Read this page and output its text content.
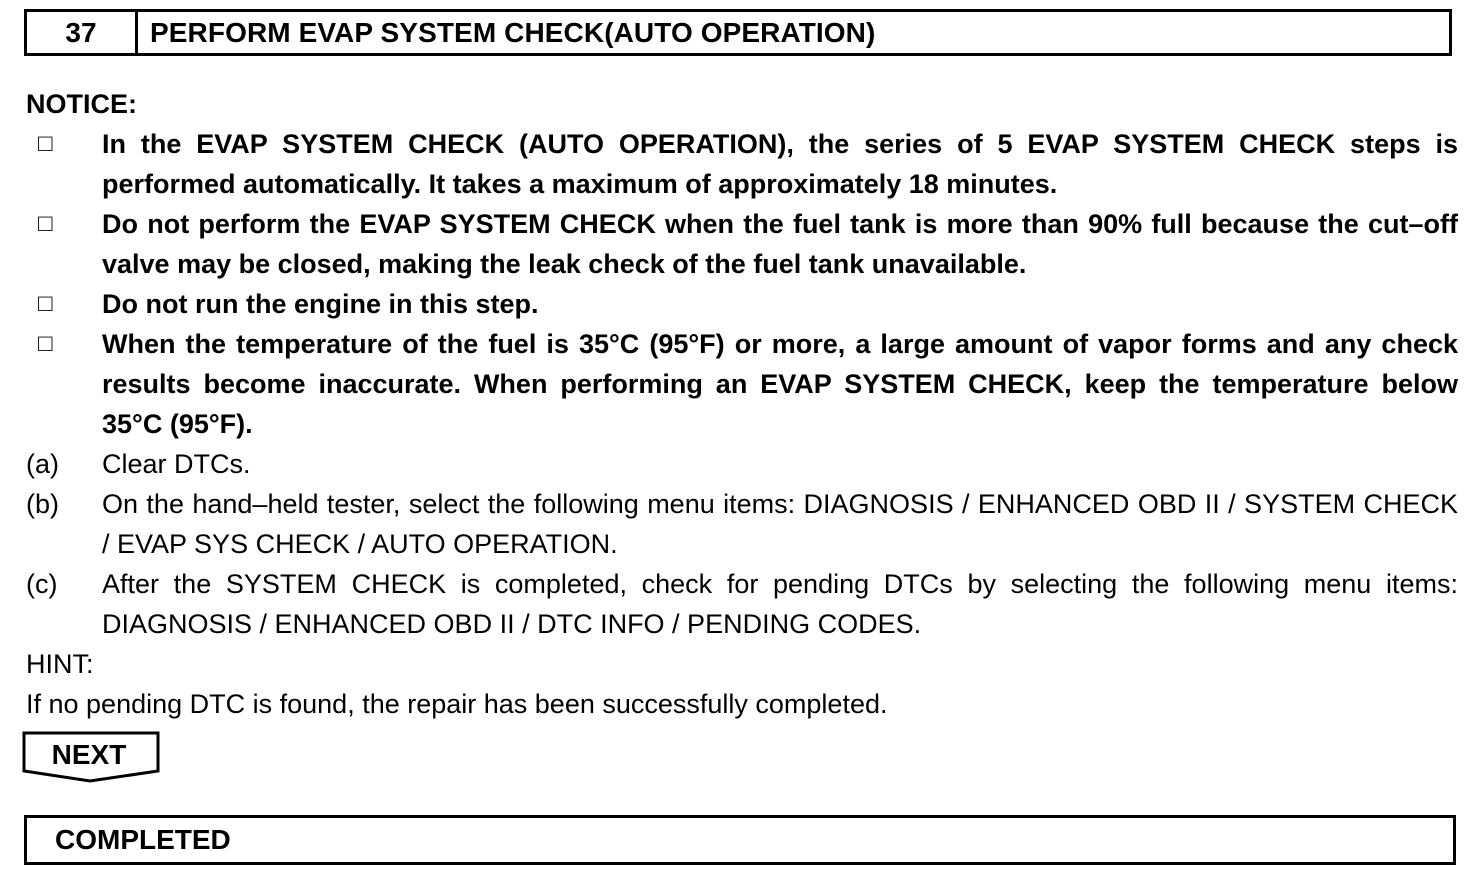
37	PERFORM EVAP SYSTEM CHECK(AUTO OPERATION)
NOTICE:
□	In the EVAP SYSTEM CHECK (AUTO OPERATION), the series of 5 EVAP SYSTEM CHECK steps is performed automatically. It takes a maximum of approximately 18 minutes.
□	Do not perform the EVAP SYSTEM CHECK when the fuel tank is more than 90% full because the cut–off valve may be closed, making the leak check of the fuel tank unavailable.
□	Do not run the engine in this step.
□	When the temperature of the fuel is 35°C (95°F) or more, a large amount of vapor forms and any check results become inaccurate. When performing an EVAP SYSTEM CHECK, keep the temperature below 35°C (95°F).
(a)	Clear DTCs.
(b)	On the hand–held tester, select the following menu items: DIAGNOSIS / ENHANCED OBD II / SYSTEM CHECK / EVAP SYS CHECK / AUTO OPERATION.
(c)	After the SYSTEM CHECK is completed, check for pending DTCs by selecting the following menu items: DIAGNOSIS / ENHANCED OBD II / DTC INFO / PENDING CODES.
HINT:
If no pending DTC is found, the repair has been successfully completed.
NEXT
COMPLETED
